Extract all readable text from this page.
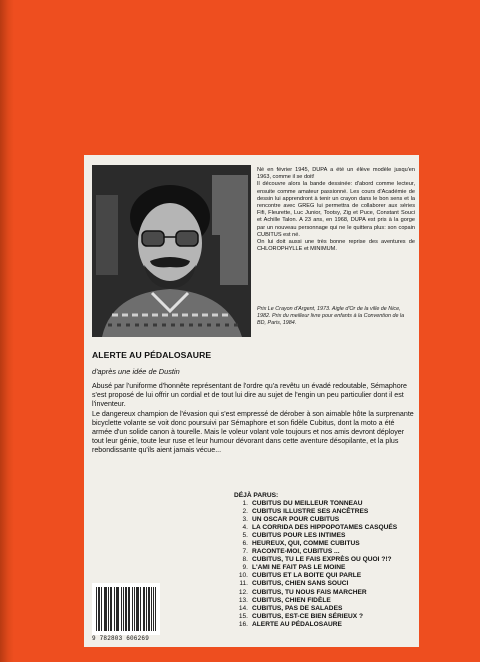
Né en février 1945, DUPA a été un élève modèle jusqu'en 1963, comme il se doit!

Il découvre alors la bande dessinée: d'abord comme lecteur, ensuite comme amateur passionné. Les cours d'Académie de dessin lui apprendront à tenir un crayon dans le bon sens et la rencontre avec GREG lui permettra de collaborer aux séries Fifi, Fleurette, Luc Junior, Tootsy, Zig et Puce, Constant Souci et Achille Talon. A 23 ans, en 1968, DUPA est pris à la gorge par un nouveau personnage qui ne le quittera plus: son copain CUBITUS est né.

On lui doit aussi une très bonne reprise des aventures de CHLOROPHYLLE et MINIMUM.

Prix Le Crayon d'Argent, 1973. Aigle d'Or de la ville de Nice, 1982. Prix du meilleur livre pour enfants à la Convention de la BD, Paris, 1984.

ALERTE AU PÉDALOSAURE

d'après une idée de Dustin

Abusé par l'uniforme d'honnête représentant de l'ordre qu'a revêtu un évadé redoutable, Sémaphore s'est proposé de lui offrir un cordial et de tout lui dire au sujet de l'engin un peu particulier dont il est l'inventeur.

Le dangereux champion de l'évasion qui s'est empressé de dérober à son aimable hôte la surprenante bicyclette volante se voit donc poursuivi par Sémaphore et son fidèle Cubitus, dont la moto a été armée d'un solide canon à tourelle. Mais le voleur volant vole toujours et nos amis devront déployer tout leur génie, toute leur ruse et leur humour dévorant dans cette aventure désopilante, et la plus rebondissante qu'ils aient jamais vécue...

DÉJÀ PARUS:

1. CUBITUS DU MEILLEUR TONNEAU
2. CUBITUS ILLUSTRE SES ANCÊTRES
3. UN OSCAR POUR CUBITUS
4. LA CORRIDA DES HIPPOPOTAMES CASQUÉS
5. CUBITUS POUR LES INTIMES
6. HEUREUX, QUI, COMME CUBITUS
7. RACONTE-MOI, CUBITUS ...
8. CUBITUS, TU LE FAIS EXPRÈS OU QUOI ?!?
9. L'AMI NE FAIT PAS LE MOINE
10. CUBITUS ET LA BOITE QUI PARLE
11. CUBITUS, CHIEN SANS SOUCI
12. CUBITUS, TU NOUS FAIS MARCHER
13. CUBITUS, CHIEN FIDÈLE
14. CUBITUS, PAS DE SALADES
15. CUBITUS, EST-CE BIEN SÉRIEUX ?
16. ALERTE AU PÉDALOSAURE

9 782803 606269
